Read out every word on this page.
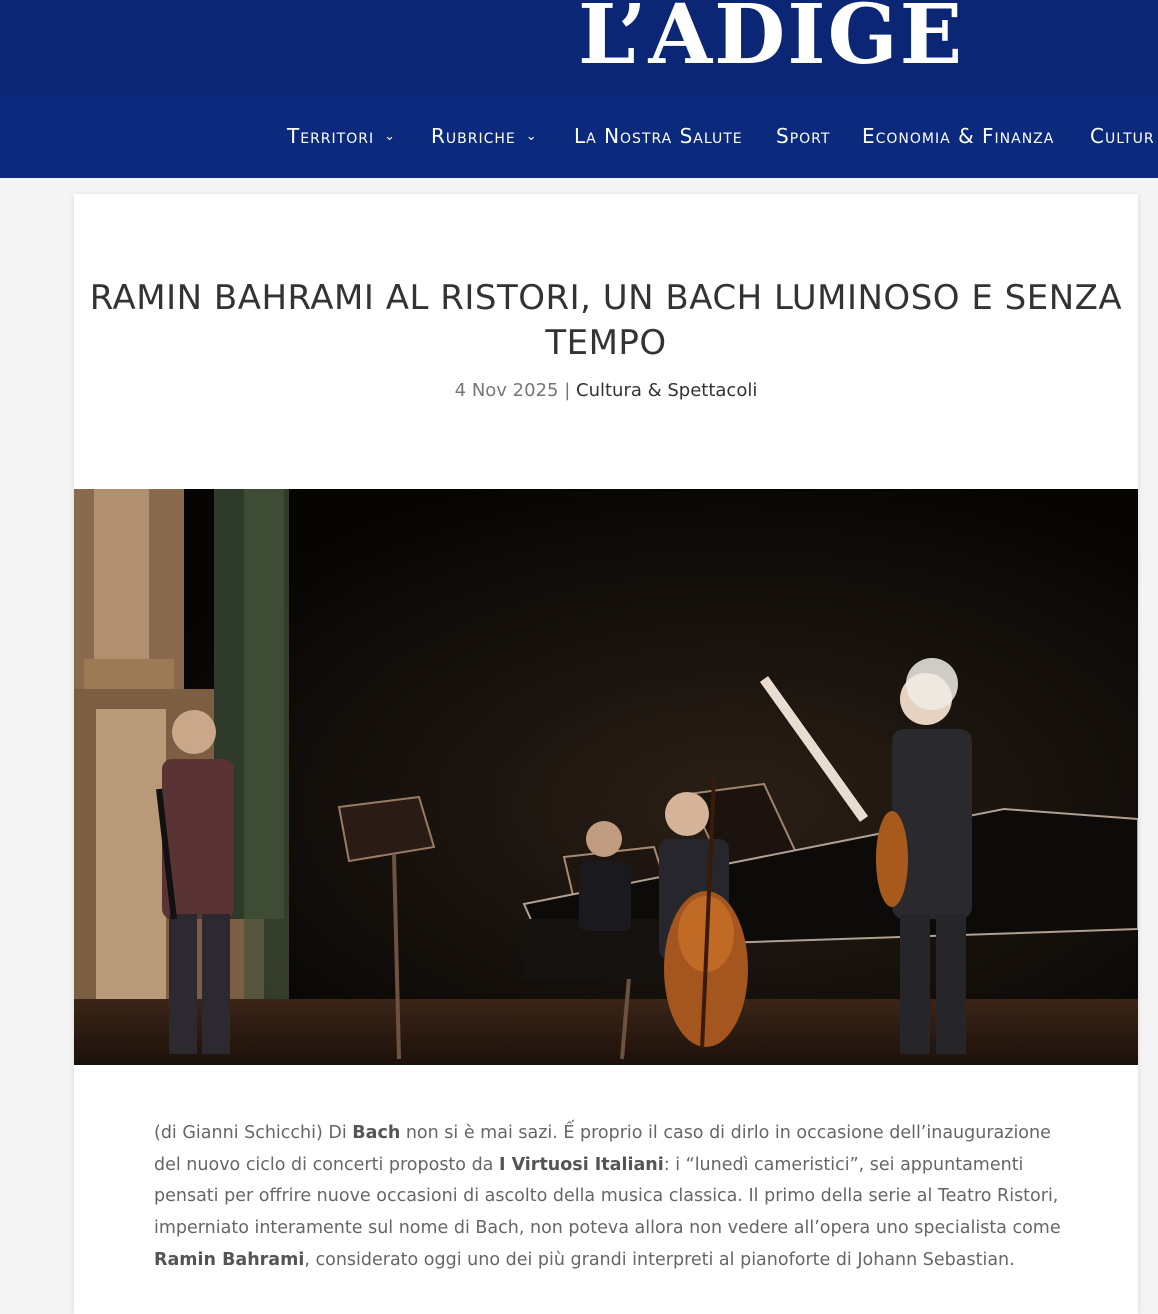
L’ADIGE
Territori ⌄ Rubriche ⌄ La Nostra Salute Sport Economia & Finanza Cultur
RAMIN BAHRAMI AL RISTORI, UN BACH LUMINOSO E SENZA TEMPO
4 Nov 2025 | Cultura & Spettacoli

(di Gianni Schicchi) Di Bach non si è mai sazi. Ế proprio il caso di dirlo in occasione dell’inaugurazione del nuovo ciclo di concerti proposto da I Virtuosi Italiani: i “lunedì cameristici”, sei appuntamenti pensati per offrire nuove occasioni di ascolto della musica classica. Il primo della serie al Teatro Ristori, imperniato interamente sul nome di Bach, non poteva allora non vedere all’opera uno specialista come Ramin Bahrami, considerato oggi uno dei più grandi interpreti al pianoforte di Johann Sebastian.
